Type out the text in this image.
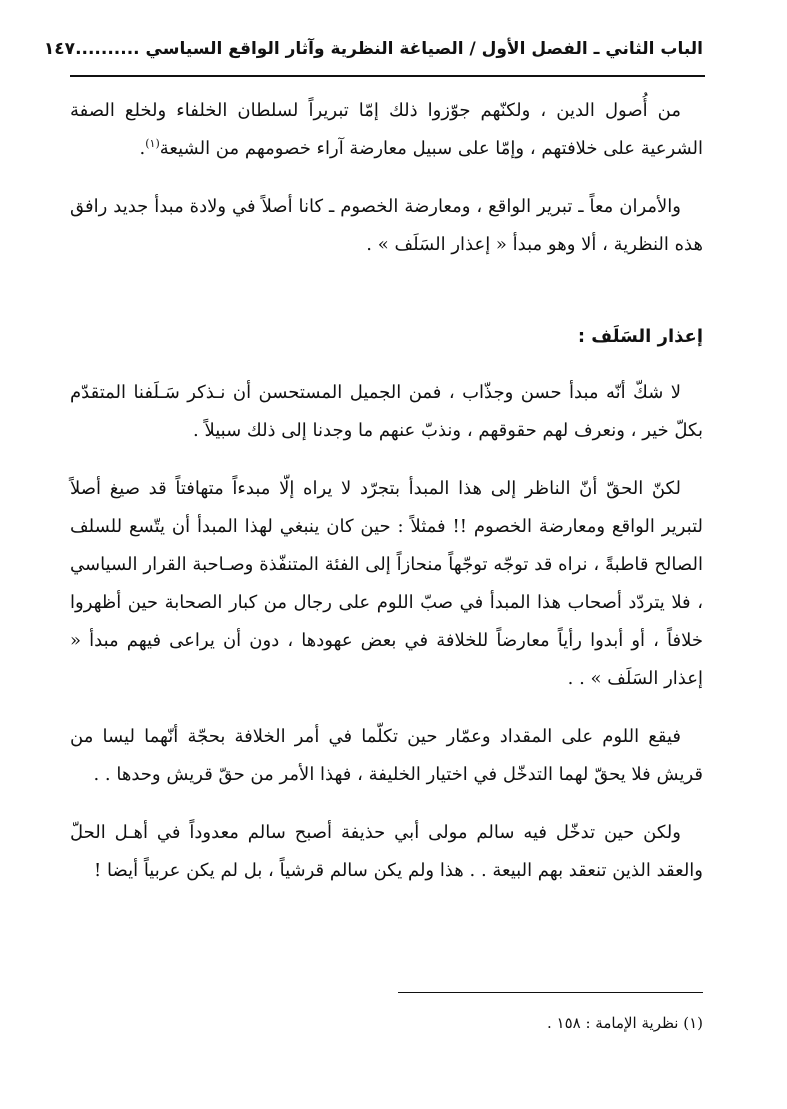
الباب الثاني ـ الفصل الأول / الصياغة النظرية وآثار الواقع السياسي ..........
١٤٧

من أُصول الدين ، ولكنّهم جوّزوا ذلك إمّا تبريراً لسلطان الخلفاء ولخلع الصفة الشرعية على خلافتهم ، وإمّا على سبيل معارضة آراء خصومهم من الشيعة$^{(١)}$.

والأمران معاً ـ تبرير الواقع ، ومعارضة الخصوم ـ كانا أصلاً في ولادة مبدأ جديد رافق هذه النظرية ، ألا وهو مبدأ « إعذار السَلَف » .

إعذار السَلَف :

لا شكّ أنّه مبدأ حسن وجذّاب ، فمن الجميل المستحسن أن نـذكر سَـلَفنا المتقدّم بكلّ خير ، ونعرف لهم حقوقهم ، ونذبّ عنهم ما وجدنا إلى ذلك سبيلاً .

لكنّ الحقّ أنّ الناظر إلى هذا المبدأ بتجرّد لا يراه إلّا مبدءاً متهافتاً قد صيغ أصلاً لتبرير الواقع ومعارضة الخصوم !! فمثلاً : حين كان ينبغي لهذا المبدأ أن يتّسع للسلف الصالح قاطبةً ، نراه قد توجّه توجّهاً منحازاً إلى الفئة المتنفّذة وصـاحبة القرار السياسي ، فلا يتردّد أصحاب هذا المبدأ في صبّ اللوم على رجال من كبار الصحابة حين أظهروا خلافاً ، أو أبدوا رأياً معارضاً للخلافة في بعض عهودها ، دون أن يراعى فيهم مبدأ « إعذار السَلَف » . .

فيقع اللوم على المقداد وعمّار حين تكلّما في أمر الخلافة بحجّة أنّهما ليسا من قريش فلا يحقّ لهما التدخّل في اختيار الخليفة ، فهذا الأمر من حقّ قريش وحدها . .

ولكن حين تدخّل فيه سالم مولى أبي حذيفة أصبح سالم معدوداً في أهـل الحلّ والعقد الذين تنعقد بهم البيعة . . هذا ولم يكن سالم قرشياً ، بل لم يكن عربياً أيضا !

(١) نظرية الإمامة : ١٥٨ .
